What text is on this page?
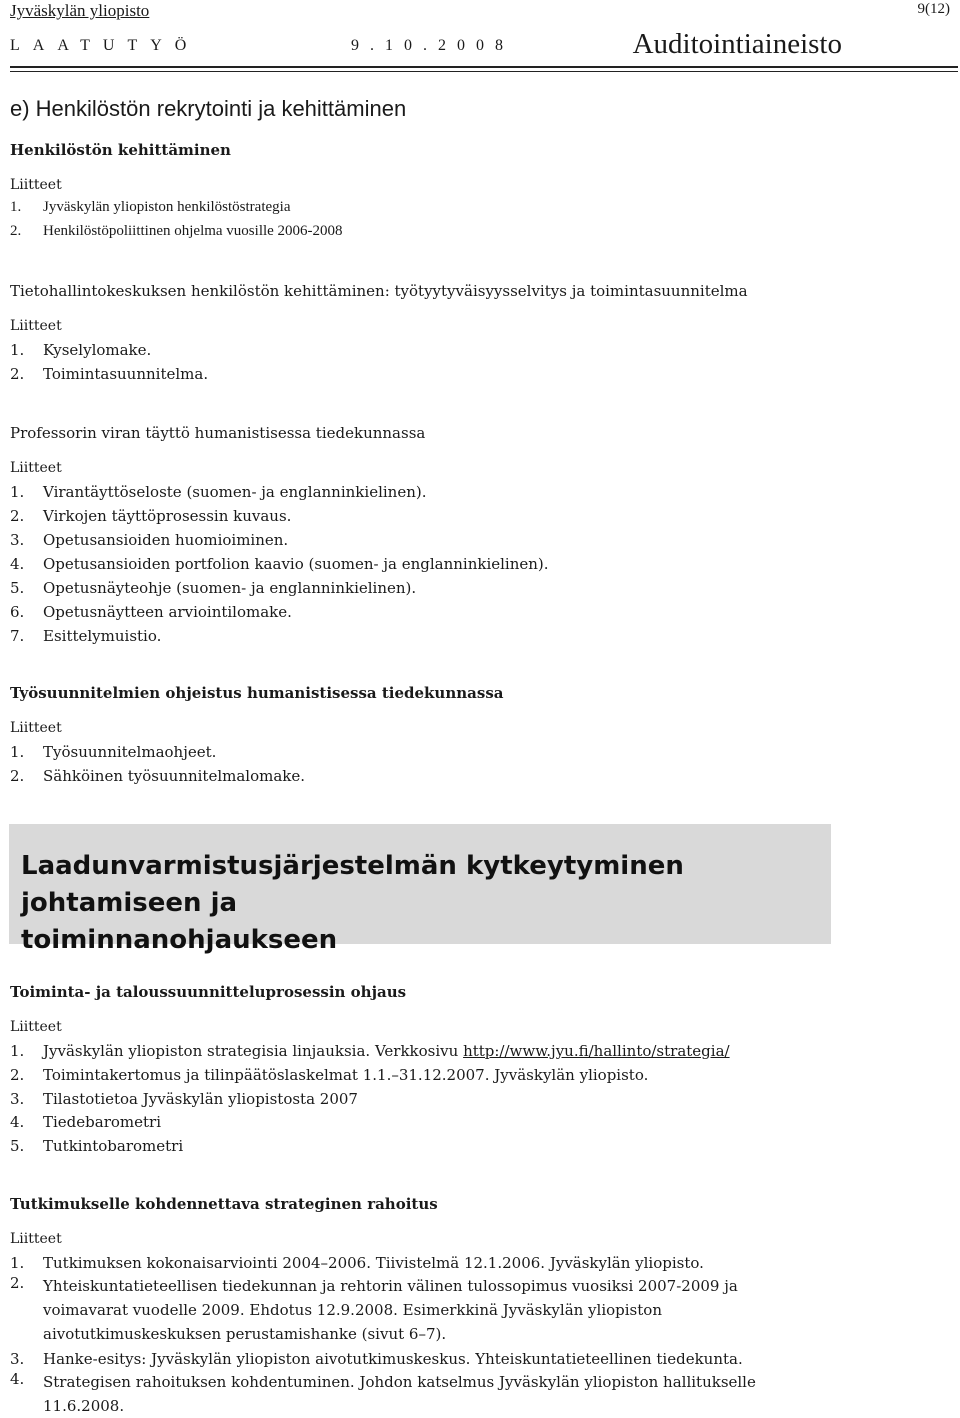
Jyväskylän yliopisto	9(12)
LAATUTYÖ	9.10.2008	Auditointiaineisto
e) Henkilöstön rekrytointi ja kehittäminen
Henkilöstön kehittäminen
Liitteet
1. Jyväskylän yliopiston henkilöstöstrategia
2. Henkilöstöpoliittinen ohjelma vuosille 2006-2008
Tietohallintokeskuksen henkilöstön kehittäminen: työtyytyväisyysselvitys ja toimintasuunnitelma
Liitteet
1. Kyselylomake.
2. Toimintasuunnitelma.
Professorin viran täyttö humanistisessa tiedekunnassa
Liitteet
1. Virantäyttöseloste (suomen- ja englanninkielinen).
2. Virkojen täyttöprosessin kuvaus.
3. Opetusansioiden huomioiminen.
4. Opetusansioiden portfolion kaavio (suomen- ja englanninkielinen).
5. Opetusnäyteohje (suomen- ja englanninkielinen).
6. Opetusnäytteen arviointilomake.
7. Esittelymuistio.
Työsuunnitelmien ohjeistus humanistisessa tiedekunnassa
Liitteet
1. Työsuunnitelmaohjeet.
2. Sähköinen työsuunnitelmalomake.
Laadunvarmistusjärjestelmän kytkeytyminen johtamiseen ja
toiminnanohjaukseen
Toiminta- ja taloussuunnitteluprosessin ohjaus
Liitteet
1. Jyväskylän yliopiston strategisia linjauksia. Verkkosivu http://www.jyu.fi/hallinto/strategia/
2. Toimintakertomus ja tilinpäätöslaskelmat 1.1.–31.12.2007. Jyväskylän yliopisto.
3. Tilastotietoa Jyväskylän yliopistosta 2007
4. Tiedebarometri
5. Tutkintobarometri
Tutkimukselle kohdennettava strateginen rahoitus
Liitteet
1. Tutkimuksen kokonaisarviointi 2004–2006. Tiivistelmä 12.1.2006. Jyväskylän yliopisto.
2. Yhteiskuntatieteellisen tiedekunnan ja rehtorin välinen tulossopimus vuosiksi 2007-2009 ja voimavarat vuodelle 2009. Ehdotus 12.9.2008. Esimerkkinä Jyväskylän yliopiston aivotutkimuskeskuksen perustamishanke (sivut 6–7).
3. Hanke-esitys: Jyväskylän yliopiston aivotutkimuskeskus. Yhteiskuntatieteellinen tiedekunta.
4. Strategisen rahoituksen kohdentuminen. Johdon katselmus Jyväskylän yliopiston hallitukselle 11.6.2008.
